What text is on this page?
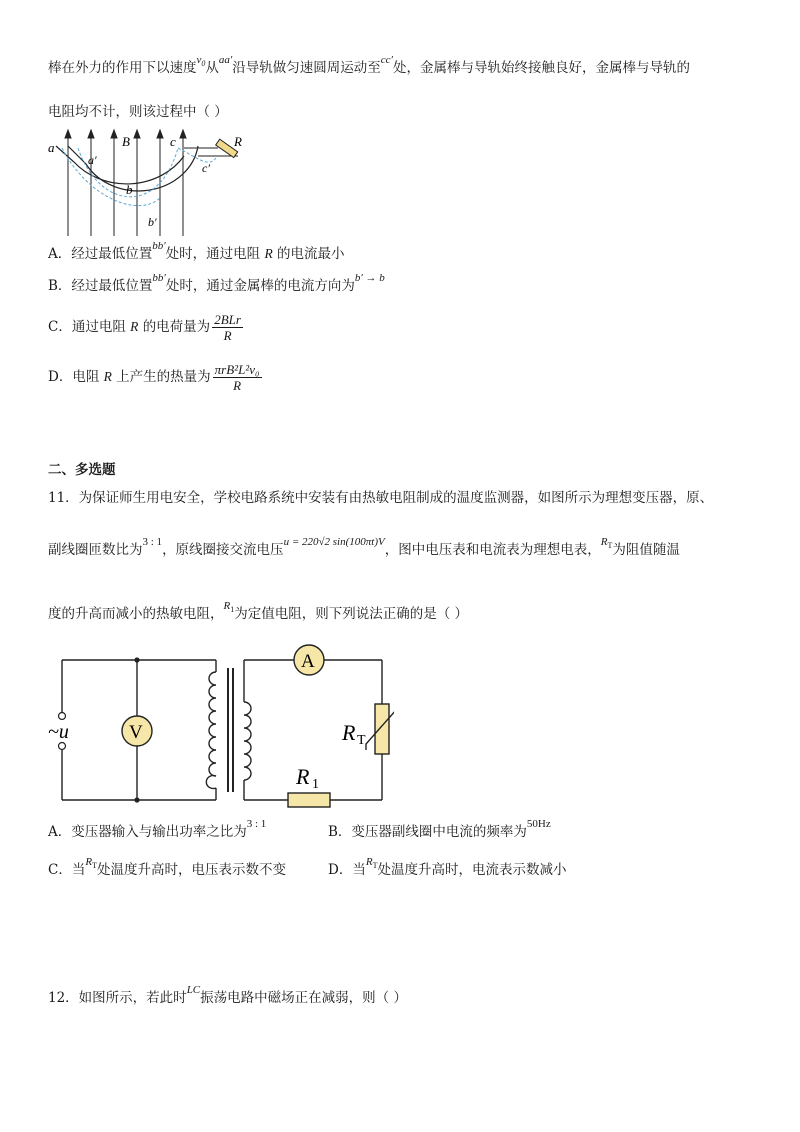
棒在外力的作用下以速度$^{v_0}$从$^{aa'}$沿导轨做匀速圆周运动至$^{cc'}$处，金属棒与导轨始终接触良好，金属棒与导轨的
电阻均不计，则该过程中（ ）
a
a′
B	c	R
c′
b
b′
A．经过最低位置$^{bb'}$处时，通过电阻 R 的电流最小
B．经过最低位置$^{bb'}$处时，通过金属棒的电流方向为$^{b' \to b}$
C．通过电阻 R 的电荷量为 $\frac{\text{2BLr}}{R}$
D．电阻 R 上产生的热量为 $\frac{\text{πrB²L²v₀}}{R}$
二、多选题
11．为保证师生用电安全，学校电路系统中安装有由热敏电阻制成的温度监测器，如图所示为理想变压器，原、
副线圈匝数比为$^{3 : 1}$，原线圈接交流电压$^{u = 220√2 sin(100\pi t)V}$，图中电压表和电流表为理想电表，$^{R_T}$为阻值随温
度的升高而减小的热敏电阻，$^{R_1}$为定值电阻，则下列说法正确的是（ ）
~u	V
A
R T
R 1
A．变压器输入与输出功率之比为$^{3 : 1}$	B．变压器副线圈中电流的频率为$^{50Hz}$
C．当$^{R_T}$处温度升高时，电压表示数不变	D．当$^{R_T}$处温度升高时，电流表示数减小
12．如图所示，若此时$^{LC}$振荡电路中磁场正在减弱，则（ ）
